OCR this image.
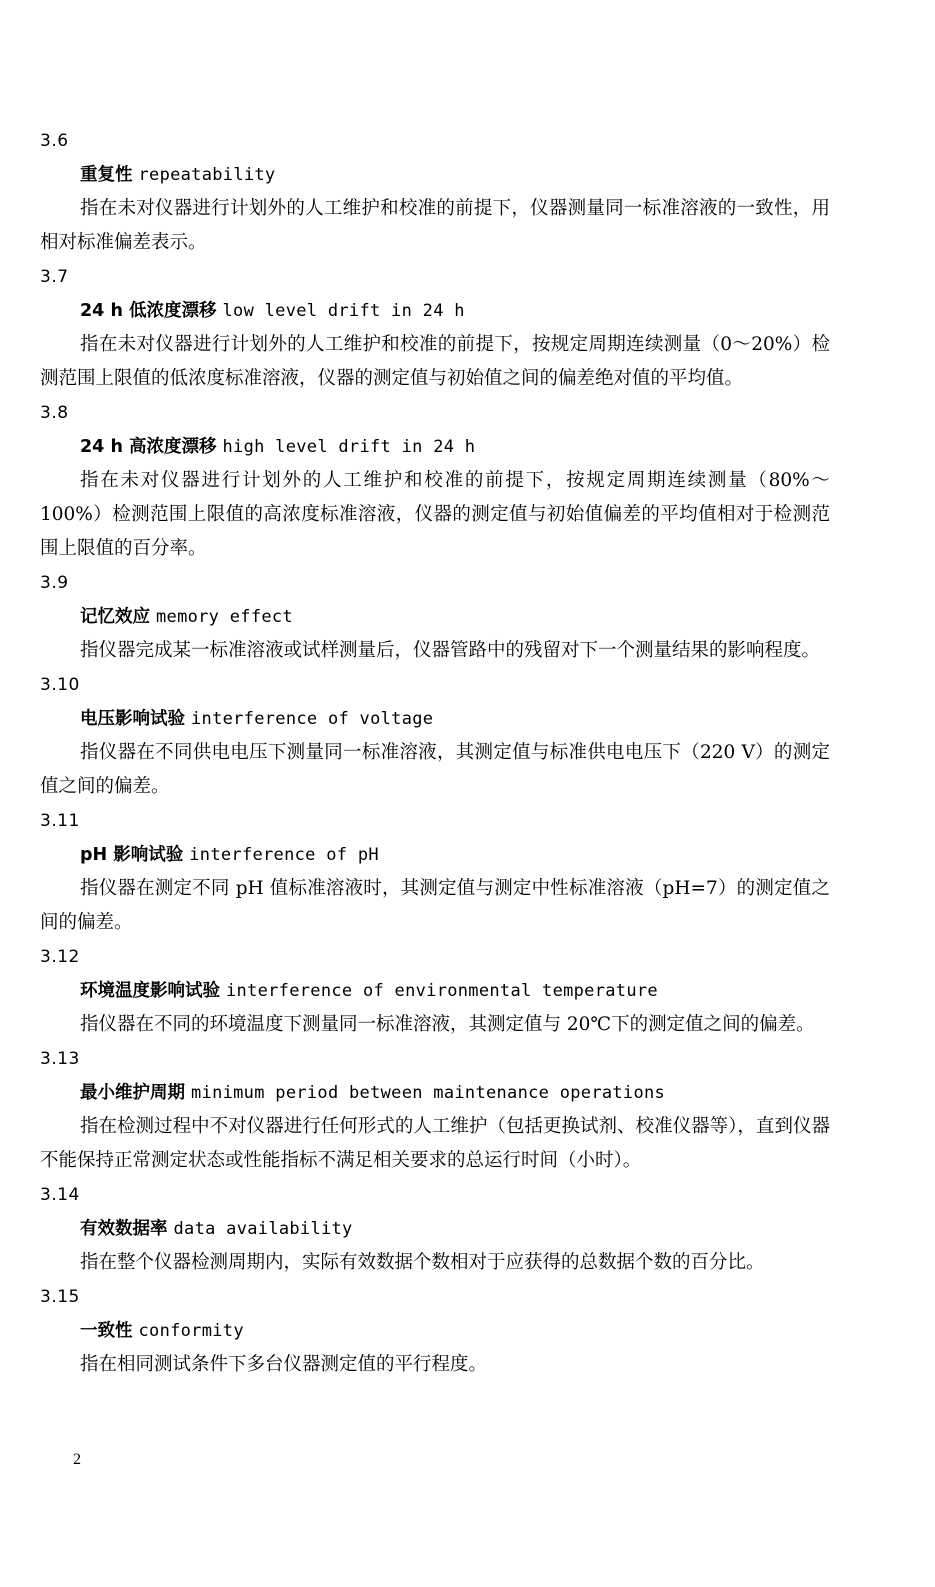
3.6
重复性 repeatability

指在未对仪器进行计划外的人工维护和校准的前提下，仪器测量同一标准溶液的一致性，用相对标准偏差表示。

3.7
24 h 低浓度漂移 low level drift in 24 h

指在未对仪器进行计划外的人工维护和校准的前提下，按规定周期连续测量（0～20%）检测范围上限值的低浓度标准溶液，仪器的测定值与初始值之间的偏差绝对值的平均值。

3.8
24 h 高浓度漂移 high level drift in 24 h

指在未对仪器进行计划外的人工维护和校准的前提下，按规定周期连续测量（80%～100%）检测范围上限值的高浓度标准溶液，仪器的测定值与初始值偏差的平均值相对于检测范围上限值的百分率。

3.9
记忆效应 memory effect

指仪器完成某一标准溶液或试样测量后，仪器管路中的残留对下一个测量结果的影响程度。

3.10
电压影响试验 interference of voltage

指仪器在不同供电电压下测量同一标准溶液，其测定值与标准供电电压下（220 V）的测定值之间的偏差。

3.11
pH 影响试验 interference of pH

指仪器在测定不同 pH 值标准溶液时，其测定值与测定中性标准溶液（pH=7）的测定值之间的偏差。

3.12
环境温度影响试验 interference of environmental temperature

指仪器在不同的环境温度下测量同一标准溶液，其测定值与 20℃下的测定值之间的偏差。

3.13
最小维护周期 minimum period between maintenance operations

指在检测过程中不对仪器进行任何形式的人工维护（包括更换试剂、校准仪器等），直到仪器不能保持正常测定状态或性能指标不满足相关要求的总运行时间（小时）。

3.14
有效数据率 data availability

指在整个仪器检测周期内，实际有效数据个数相对于应获得的总数据个数的百分比。

3.15
一致性 conformity

指在相同测试条件下多台仪器测定值的平行程度。

2
